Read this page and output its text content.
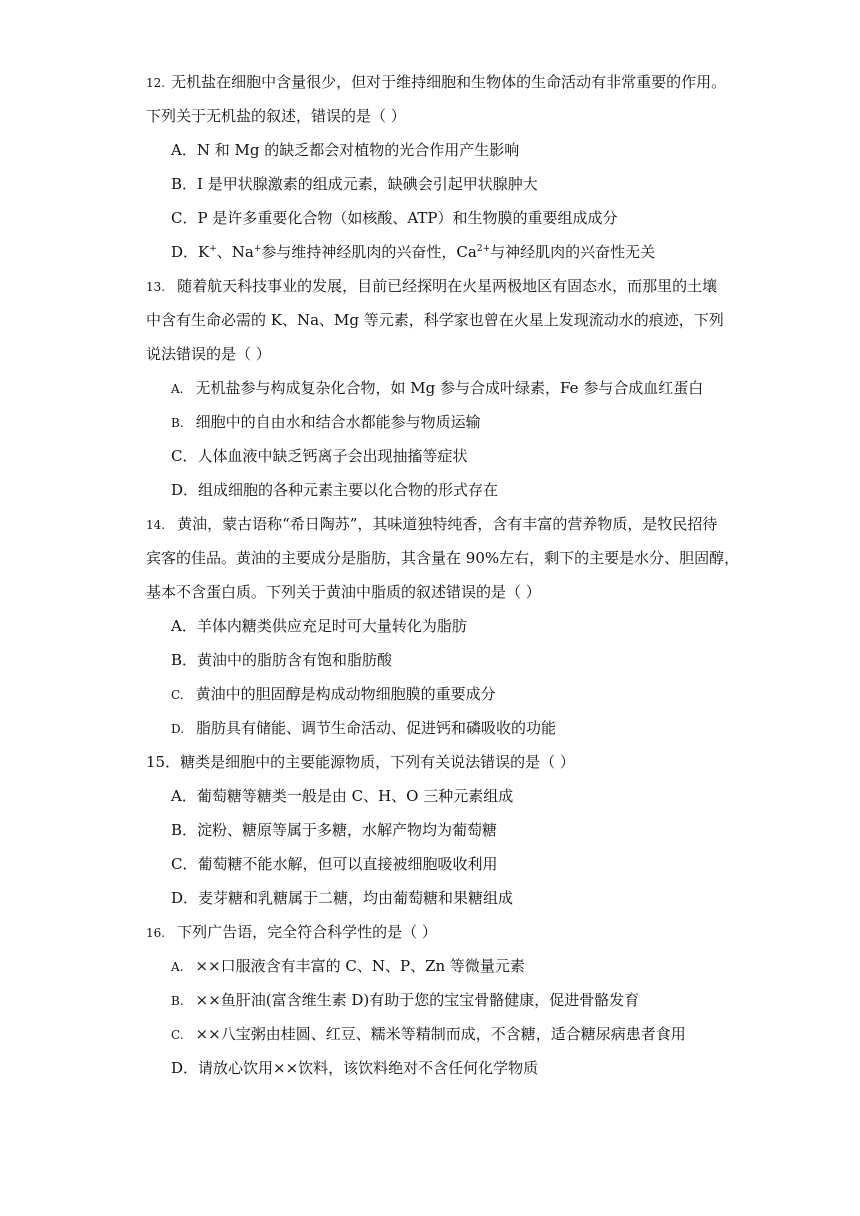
12. 无机盐在细胞中含量很少，但对于维持细胞和生物体的生命活动有非常重要的作用。
下列关于无机盐的叙述，错误的是（ ）
A．N 和 Mg 的缺乏都会对植物的光合作用产生影响
B．I 是甲状腺激素的组成元素，缺碘会引起甲状腺肿大
C．P 是许多重要化合物（如核酸、ATP）和生物膜的重要组成成分
D．K+、Na+参与维持神经肌肉的兴奋性，$Ca^{2+}$与神经肌肉的兴奋性无关
13. 随着航天科技事业的发展，目前已经探明在火星两极地区有固态水，而那里的土壤
中含有生命必需的 K、Na、Mg 等元素，科学家也曾在火星上发现流动水的痕迹，下列
说法错误的是（ ）
A. 无机盐参与构成复杂化合物，如 Mg 参与合成叶绿素，Fe 参与合成血红蛋白
B. 细胞中的自由水和结合水都能参与物质运输
C．人体血液中缺乏钙离子会出现抽搐等症状
D．组成细胞的各种元素主要以化合物的形式存在
14. 黄油，蒙古语称“希日陶苏”，其味道独特纯香，含有丰富的营养物质，是牧民招待
宾客的佳品。黄油的主要成分是脂肪，其含量在 90%左右，剩下的主要是水分、胆固醇，
基本不含蛋白质。下列关于黄油中脂质的叙述错误的是（ ）
A．羊体内糖类供应充足时可大量转化为脂肪
B．黄油中的脂肪含有饱和脂肪酸
C. 黄油中的胆固醇是构成动物细胞膜的重要成分
D. 脂肪具有储能、调节生命活动、促进钙和磷吸收的功能
15．糖类是细胞中的主要能源物质，下列有关说法错误的是（ ）
A．葡萄糖等糖类一般是由 C、H、O 三种元素组成
B．淀粉、糖原等属于多糖，水解产物均为葡萄糖
C．葡萄糖不能水解，但可以直接被细胞吸收利用
D．麦芽糖和乳糖属于二糖，均由葡萄糖和果糖组成
16. 下列广告语，完全符合科学性的是（ ）
A. ××口服液含有丰富的 C、N、P、Zn 等微量元素
B. ××鱼肝油(富含维生素 D)有助于您的宝宝骨骼健康，促进骨骼发育
C. ××八宝粥由桂圆、红豆、糯米等精制而成，不含糖，适合糖尿病患者食用
D．请放心饮用××饮料，该饮料绝对不含任何化学物质
